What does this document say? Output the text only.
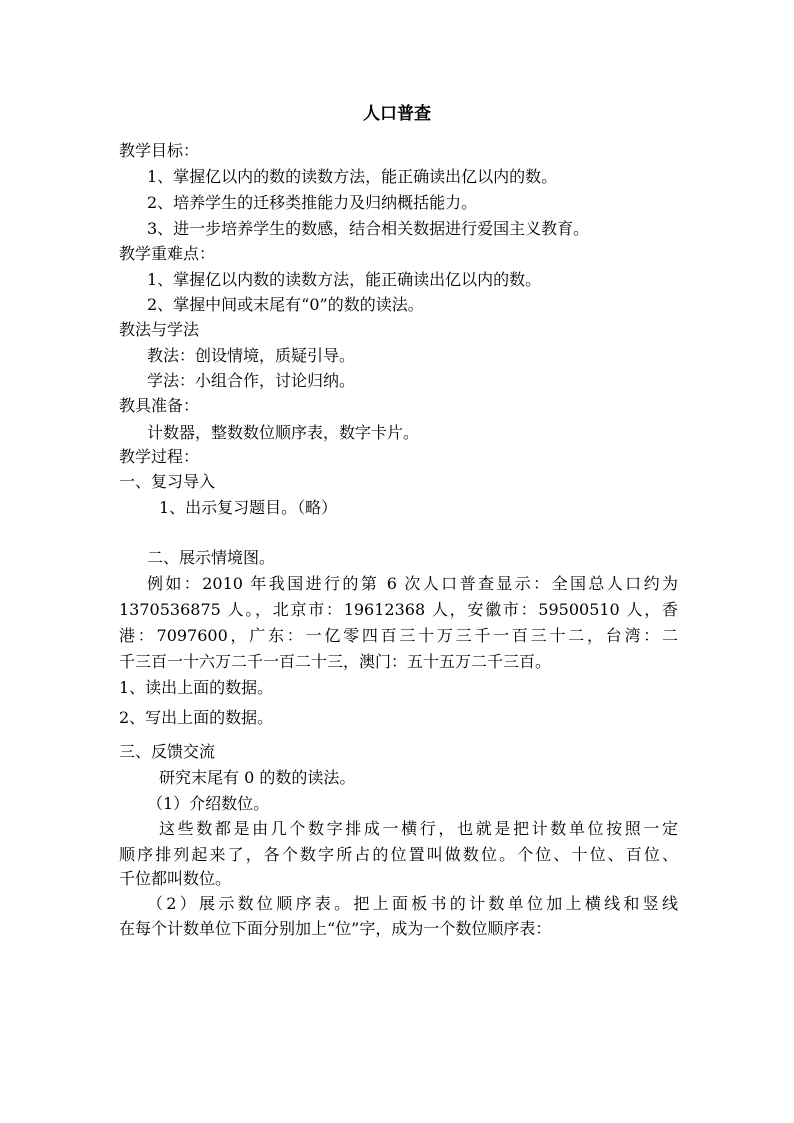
人口普查
教学目标：
1、掌握亿以内的数的读数方法，能正确读出亿以内的数。
2、培养学生的迁移类推能力及归纳概括能力。
3、进一步培养学生的数感，结合相关数据进行爱国主义教育。
教学重难点：
1、掌握亿以内数的读数方法，能正确读出亿以内的数。
2、掌握中间或末尾有“0”的数的读法。
教法与学法
教法：创设情境，质疑引导。
学法：小组合作，讨论归纳。
教具准备：
计数器，整数数位顺序表，数字卡片。
教学过程：
一、复习导入
1、出示复习题目。（略）
二、展示情境图。
例如：2010 年我国进行的第 6 次人口普查显示：全国总人口约为
1370536875 人。，北京市：19612368 人，安徽市：59500510 人，香
港：7097600，广东：一亿零四百三十万三千一百三十二，台湾：二
千三百一十六万二千一百二十三，澳门：五十五万二千三百。
1、读出上面的数据。
2、写出上面的数据。
三、反馈交流
研究末尾有 0 的数的读法。
（1）介绍数位。
这些数都是由几个数字排成一横行，也就是把计数单位按照一定
顺序排列起来了，各个数字所占的位置叫做数位。个位、十位、百位、
千位都叫数位。
（2）展示数位顺序表。把上面板书的计数单位加上横线和竖线
在每个计数单位下面分别加上“位”字，成为一个数位顺序表：
